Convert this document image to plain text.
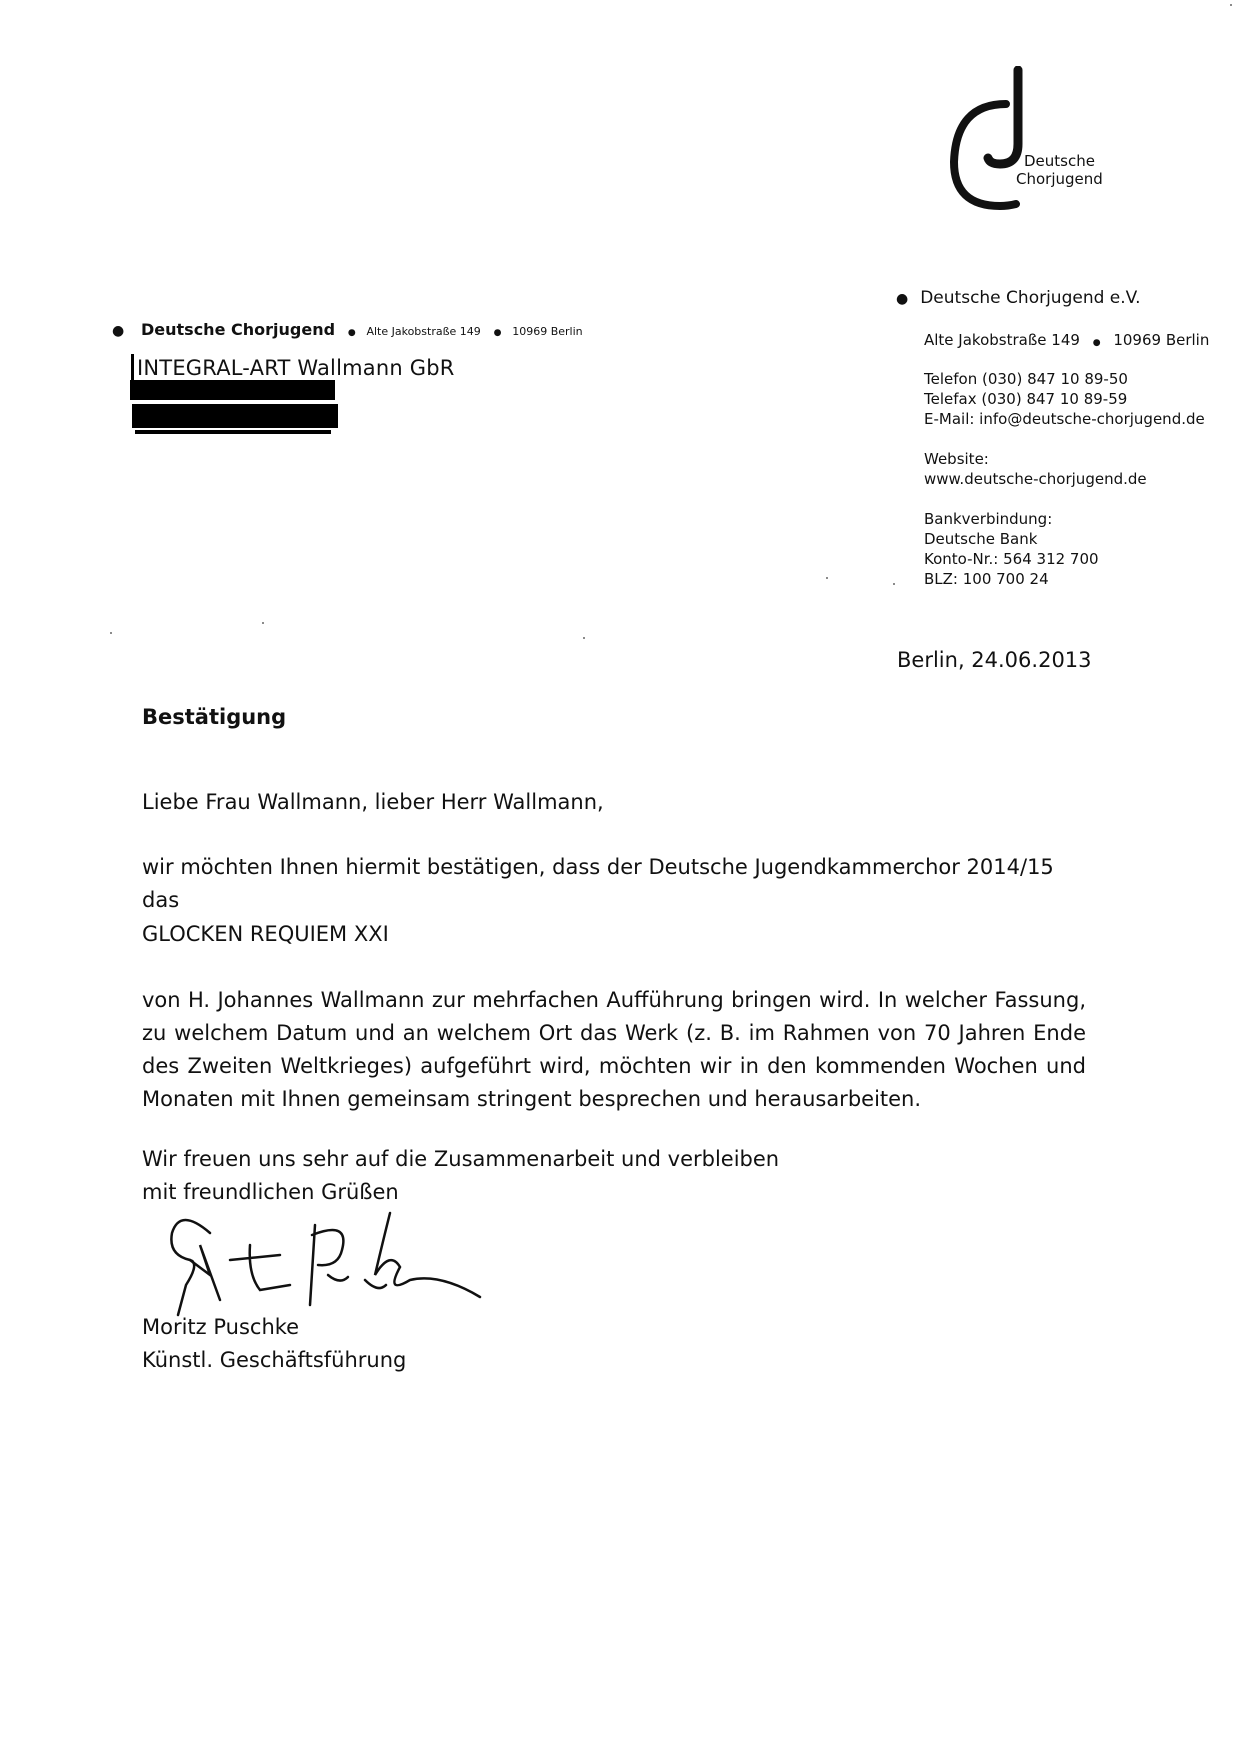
Deutsche
Chorjugend
● Deutsche Chorjugend ● Alte Jakobstraße 149 ● 10969 Berlin
INTEGRAL-ART Wallmann GbR
● Deutsche Chorjugend e.V.
Alte Jakobstraße 149 ● 10969 Berlin
Telefon (030) 847 10 89-50
Telefax (030) 847 10 89-59
E-Mail: info@deutsche-chorjugend.de
Website:
www.deutsche-chorjugend.de
Bankverbindung:
Deutsche Bank
Konto-Nr.: 564 312 700
BLZ: 100 700 24
Berlin, 24.06.2013
Bestätigung
Liebe Frau Wallmann, lieber Herr Wallmann,
wir möchten Ihnen hiermit bestätigen, dass der Deutsche Jugendkammerchor 2014/15 das
GLOCKEN REQUIEM XXI
von H. Johannes Wallmann zur mehrfachen Aufführung bringen wird. In welcher Fassung, zu welchem Datum und an welchem Ort das Werk (z. B. im Rahmen von 70 Jahren Ende des Zweiten Weltkrieges) aufgeführt wird, möchten wir in den kommenden Wochen und Monaten mit Ihnen gemeinsam stringent besprechen und herausarbeiten.
Wir freuen uns sehr auf die Zusammenarbeit und verbleiben
mit freundlichen Grüßen
Moritz Puschke
Künstl. Geschäftsführung
